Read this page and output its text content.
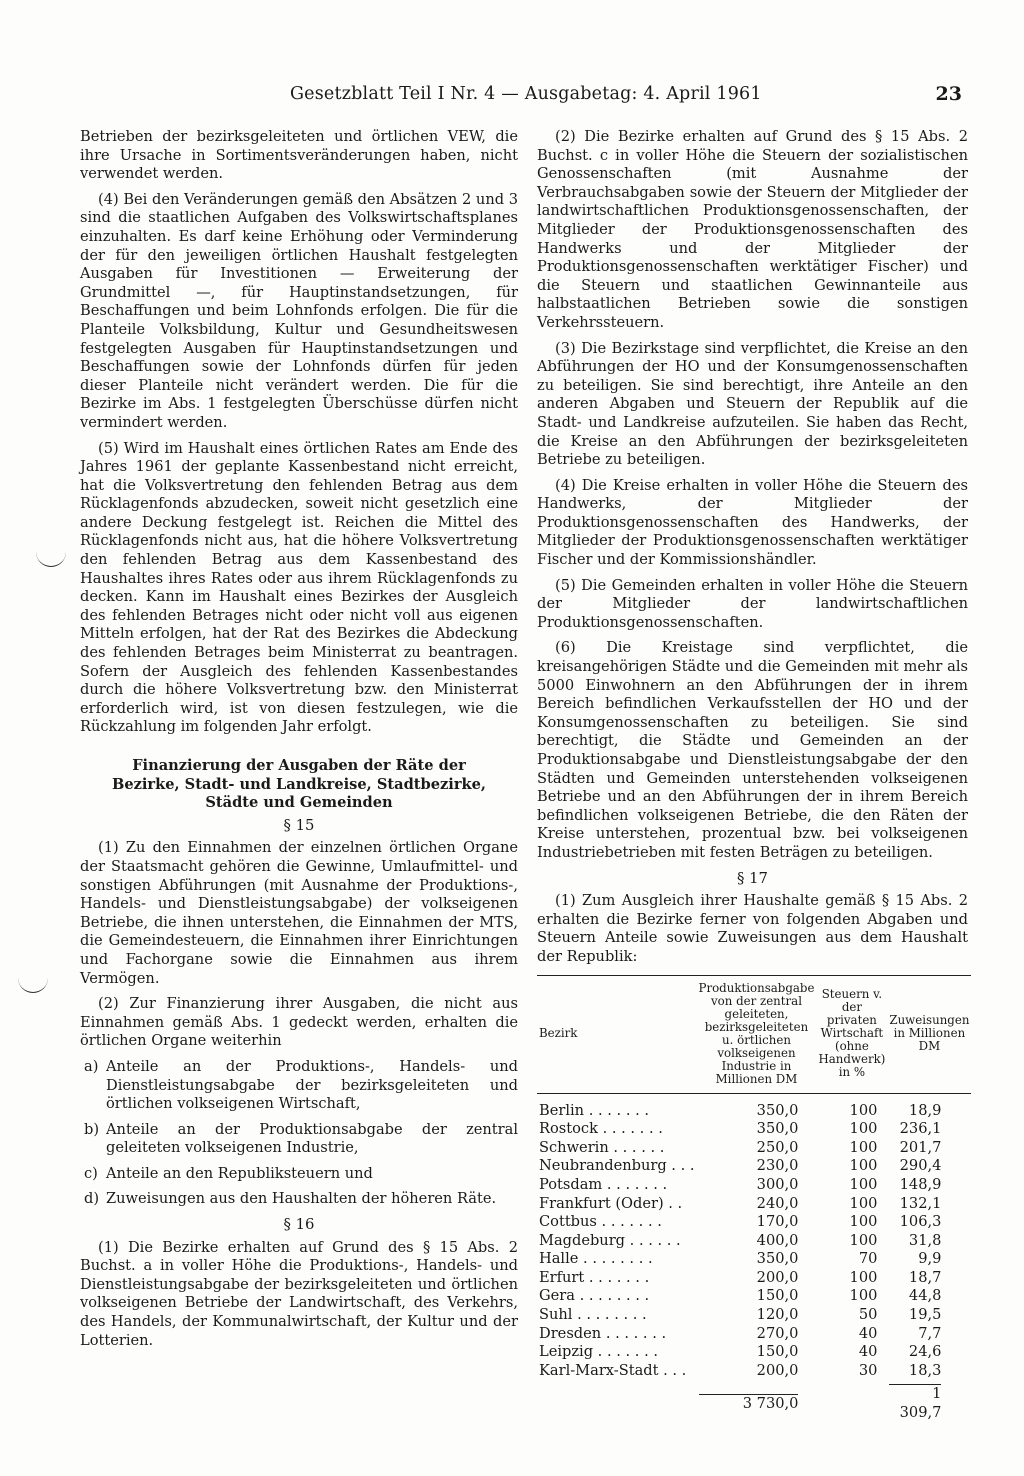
Gesetzblatt Teil I Nr. 4 — Ausgabetag: 4. April 1961	23

Betrieben der bezirksgeleiteten und örtlichen VEW, die ihre Ursache in Sortimentsveränderungen haben, nicht verwendet werden.

(4) Bei den Veränderungen gemäß den Absätzen 2 und 3 sind die staatlichen Aufgaben des Volkswirtschaftsplanes einzuhalten. Es darf keine Erhöhung oder Verminderung der für den jeweiligen örtlichen Haushalt festgelegten Ausgaben für Investitionen — Erweiterung der Grundmittel —, für Hauptinstandsetzungen, für Beschaffungen und beim Lohnfonds erfolgen. Die für die Planteile Volksbildung, Kultur und Gesundheitswesen festgelegten Ausgaben für Hauptinstandsetzungen und Beschaffungen sowie der Lohnfonds dürfen für jeden dieser Planteile nicht verändert werden. Die für die Bezirke im Abs. 1 festgelegten Überschüsse dürfen nicht vermindert werden.

(5) Wird im Haushalt eines örtlichen Rates am Ende des Jahres 1961 der geplante Kassenbestand nicht erreicht, hat die Volksvertretung den fehlenden Betrag aus dem Rücklagenfonds abzudecken, soweit nicht gesetzlich eine andere Deckung festgelegt ist. Reichen die Mittel des Rücklagenfonds nicht aus, hat die höhere Volksvertretung den fehlenden Betrag aus dem Kassenbestand des Haushaltes ihres Rates oder aus ihrem Rücklagenfonds zu decken. Kann im Haushalt eines Bezirkes der Ausgleich des fehlenden Betrages nicht oder nicht voll aus eigenen Mitteln erfolgen, hat der Rat des Bezirkes die Abdeckung des fehlenden Betrages beim Ministerrat zu beantragen. Sofern der Ausgleich des fehlenden Kassenbestandes durch die höhere Volksvertretung bzw. den Ministerrat erforderlich wird, ist von diesen festzulegen, wie die Rückzahlung im folgenden Jahr erfolgt.

Finanzierung der Ausgaben der Räte der Bezirke, Stadt- und Landkreise, Stadtbezirke, Städte und Gemeinden
§ 15

(1) Zu den Einnahmen der einzelnen örtlichen Organe der Staatsmacht gehören die Gewinne, Umlaufmittel- und sonstigen Abführungen (mit Ausnahme der Produktions-, Handels- und Dienstleistungsabgabe) der volkseigenen Betriebe, die ihnen unterstehen, die Einnahmen der MTS, die Gemeindesteuern, die Einnahmen ihrer Einrichtungen und Fachorgane sowie die Einnahmen aus ihrem Vermögen.

(2) Zur Finanzierung ihrer Ausgaben, die nicht aus Einnahmen gemäß Abs. 1 gedeckt werden, erhalten die örtlichen Organe weiterhin

a) Anteile an der Produktions-, Handels- und Dienstleistungsabgabe der bezirksgeleiteten und örtlichen volkseigenen Wirtschaft,
b) Anteile an der Produktionsabgabe der zentral geleiteten volkseigenen Industrie,
c) Anteile an den Republiksteuern und
d) Zuweisungen aus den Haushalten der höheren Räte.
§ 16

(1) Die Bezirke erhalten auf Grund des § 15 Abs. 2 Buchst. a in voller Höhe die Produktions-, Handels- und Dienstleistungsabgabe der bezirksgeleiteten und örtlichen volkseigenen Betriebe der Landwirtschaft, des Verkehrs, des Handels, der Kommunalwirtschaft, der Kultur und der Lotterien.

(2) Die Bezirke erhalten auf Grund des § 15 Abs. 2 Buchst. c in voller Höhe die Steuern der sozialistischen Genossenschaften (mit Ausnahme der Verbrauchsabgaben sowie der Steuern der Mitglieder der landwirtschaftlichen Produktionsgenossenschaften, der Mitglieder der Produktionsgenossenschaften des Handwerks und der Mitglieder der Produktionsgenossenschaften werktätiger Fischer) und die Steuern und staatlichen Gewinnanteile aus halbstaatlichen Betrieben sowie die sonstigen Verkehrssteuern.

(3) Die Bezirkstage sind verpflichtet, die Kreise an den Abführungen der HO und der Konsumgenossenschaften zu beteiligen. Sie sind berechtigt, ihre Anteile an den anderen Abgaben und Steuern der Republik auf die Stadt- und Landkreise aufzuteilen. Sie haben das Recht, die Kreise an den Abführungen der bezirksgeleiteten Betriebe zu beteiligen.

(4) Die Kreise erhalten in voller Höhe die Steuern des Handwerks, der Mitglieder der Produktionsgenossenschaften des Handwerks, der Mitglieder der Produktionsgenossenschaften werktätiger Fischer und der Kommissionshändler.

(5) Die Gemeinden erhalten in voller Höhe die Steuern der Mitglieder der landwirtschaftlichen Produktionsgenossenschaften.

(6) Die Kreistage sind verpflichtet, die kreisangehörigen Städte und die Gemeinden mit mehr als 5000 Einwohnern an den Abführungen der in ihrem Bereich befindlichen Verkaufsstellen der HO und der Konsumgenossenschaften zu beteiligen. Sie sind berechtigt, die Städte und Gemeinden an der Produktionsabgabe und Dienstleistungsabgabe der den Städten und Gemeinden unterstehenden volkseigenen Betriebe und an den Abführungen der in ihrem Bereich befindlichen volkseigenen Betriebe, die den Räten der Kreise unterstehen, prozentual bzw. bei volkseigenen Industriebetrieben mit festen Beträgen zu beteiligen.

§ 17

(1) Zum Ausgleich ihrer Haushalte gemäß § 15 Abs. 2 erhalten die Bezirke ferner von folgenden Abgaben und Steuern Anteile sowie Zuweisungen aus dem Haushalt der Republik:

Bezirk	Produktionsabgabe von der zentral geleiteten, bezirksgeleiteten u. örtlichen volkseigenen Industrie in Millionen DM	Steuern v. der privaten Wirtschaft (ohne Handwerk) in %	Zuweisungen in Millionen DM
Berlin . . . . . . .	350,0	100	18,9
Rostock . . . . . . .	350,0	100	236,1
Schwerin . . . . . .	250,0	100	201,7
Neubrandenburg . . .	230,0	100	290,4
Potsdam . . . . . . .	300,0	100	148,9
Frankfurt (Oder) . .	240,0	100	132,1
Cottbus . . . . . . .	170,0	100	106,3
Magdeburg . . . . . .	400,0	100	31,8
Halle . . . . . . . .	350,0	70	9,9
Erfurt . . . . . . .	200,0	100	18,7
Gera . . . . . . . .	150,0	100	44,8
Suhl . . . . . . . .	120,0	50	19,5
Dresden . . . . . . .	270,0	40	7,7
Leipzig . . . . . . .	150,0	40	24,6
Karl-Marx-Stadt . . .	200,0	30	18,3

	3 730,0		1 309,7
